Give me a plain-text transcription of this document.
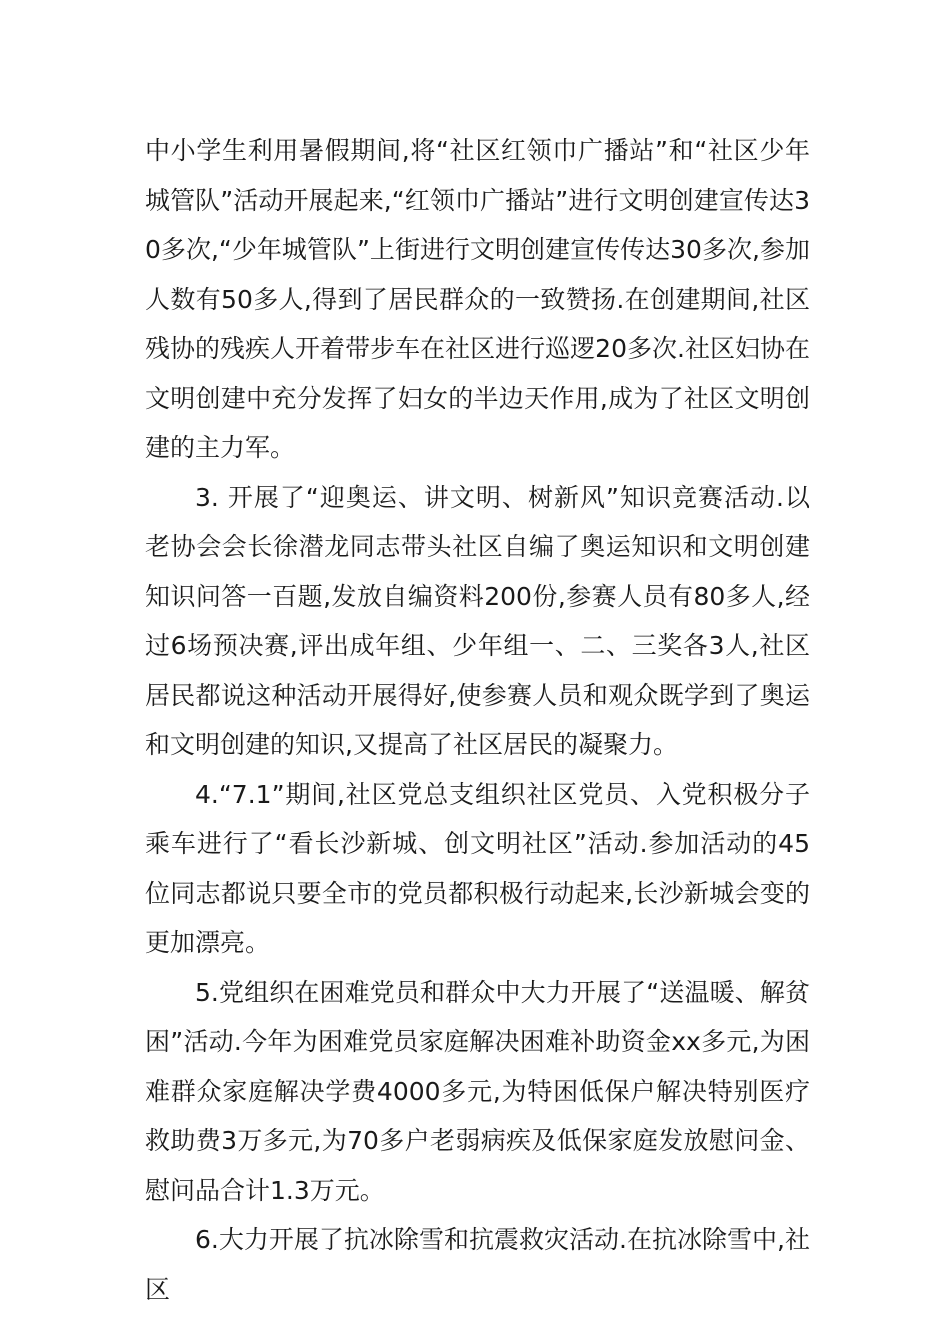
中小学生利用暑假期间,将“社区红领巾广播站”和“社区少年城管队”活动开展起来,“红领巾广播站”进行文明创建宣传达30多次,“少年城管队”上街进行文明创建宣传传达30多次,参加人数有50多人,得到了居民群众的一致赞扬.在创建期间,社区残协的残疾人开着带步车在社区进行巡逻20多次.社区妇协在文明创建中充分发挥了妇女的半边天作用,成为了社区文明创建的主力军。

3. 开展了“迎奥运、讲文明、树新风”知识竞赛活动.以老协会会长徐潜龙同志带头社区自编了奥运知识和文明创建知识问答一百题,发放自编资料200份,参赛人员有80多人,经过6场预决赛,评出成年组、少年组一、二、三奖各3人,社区居民都说这种活动开展得好,使参赛人员和观众既学到了奥运和文明创建的知识,又提高了社区居民的凝聚力。

4.“7.1”期间,社区党总支组织社区党员、入党积极分子乘车进行了“看长沙新城、创文明社区”活动.参加活动的45位同志都说只要全市的党员都积极行动起来,长沙新城会变的更加漂亮。

5.党组织在困难党员和群众中大力开展了“送温暖、解贫困”活动.今年为困难党员家庭解决困难补助资金xx多元,为困难群众家庭解决学费4000多元,为特困低保户解决特别医疗救助费3万多元,为70多户老弱病疾及低保家庭发放慰问金、慰问品合计1.3万元。

6.大力开展了抗冰除雪和抗震救灾活动.在抗冰除雪中,社区
